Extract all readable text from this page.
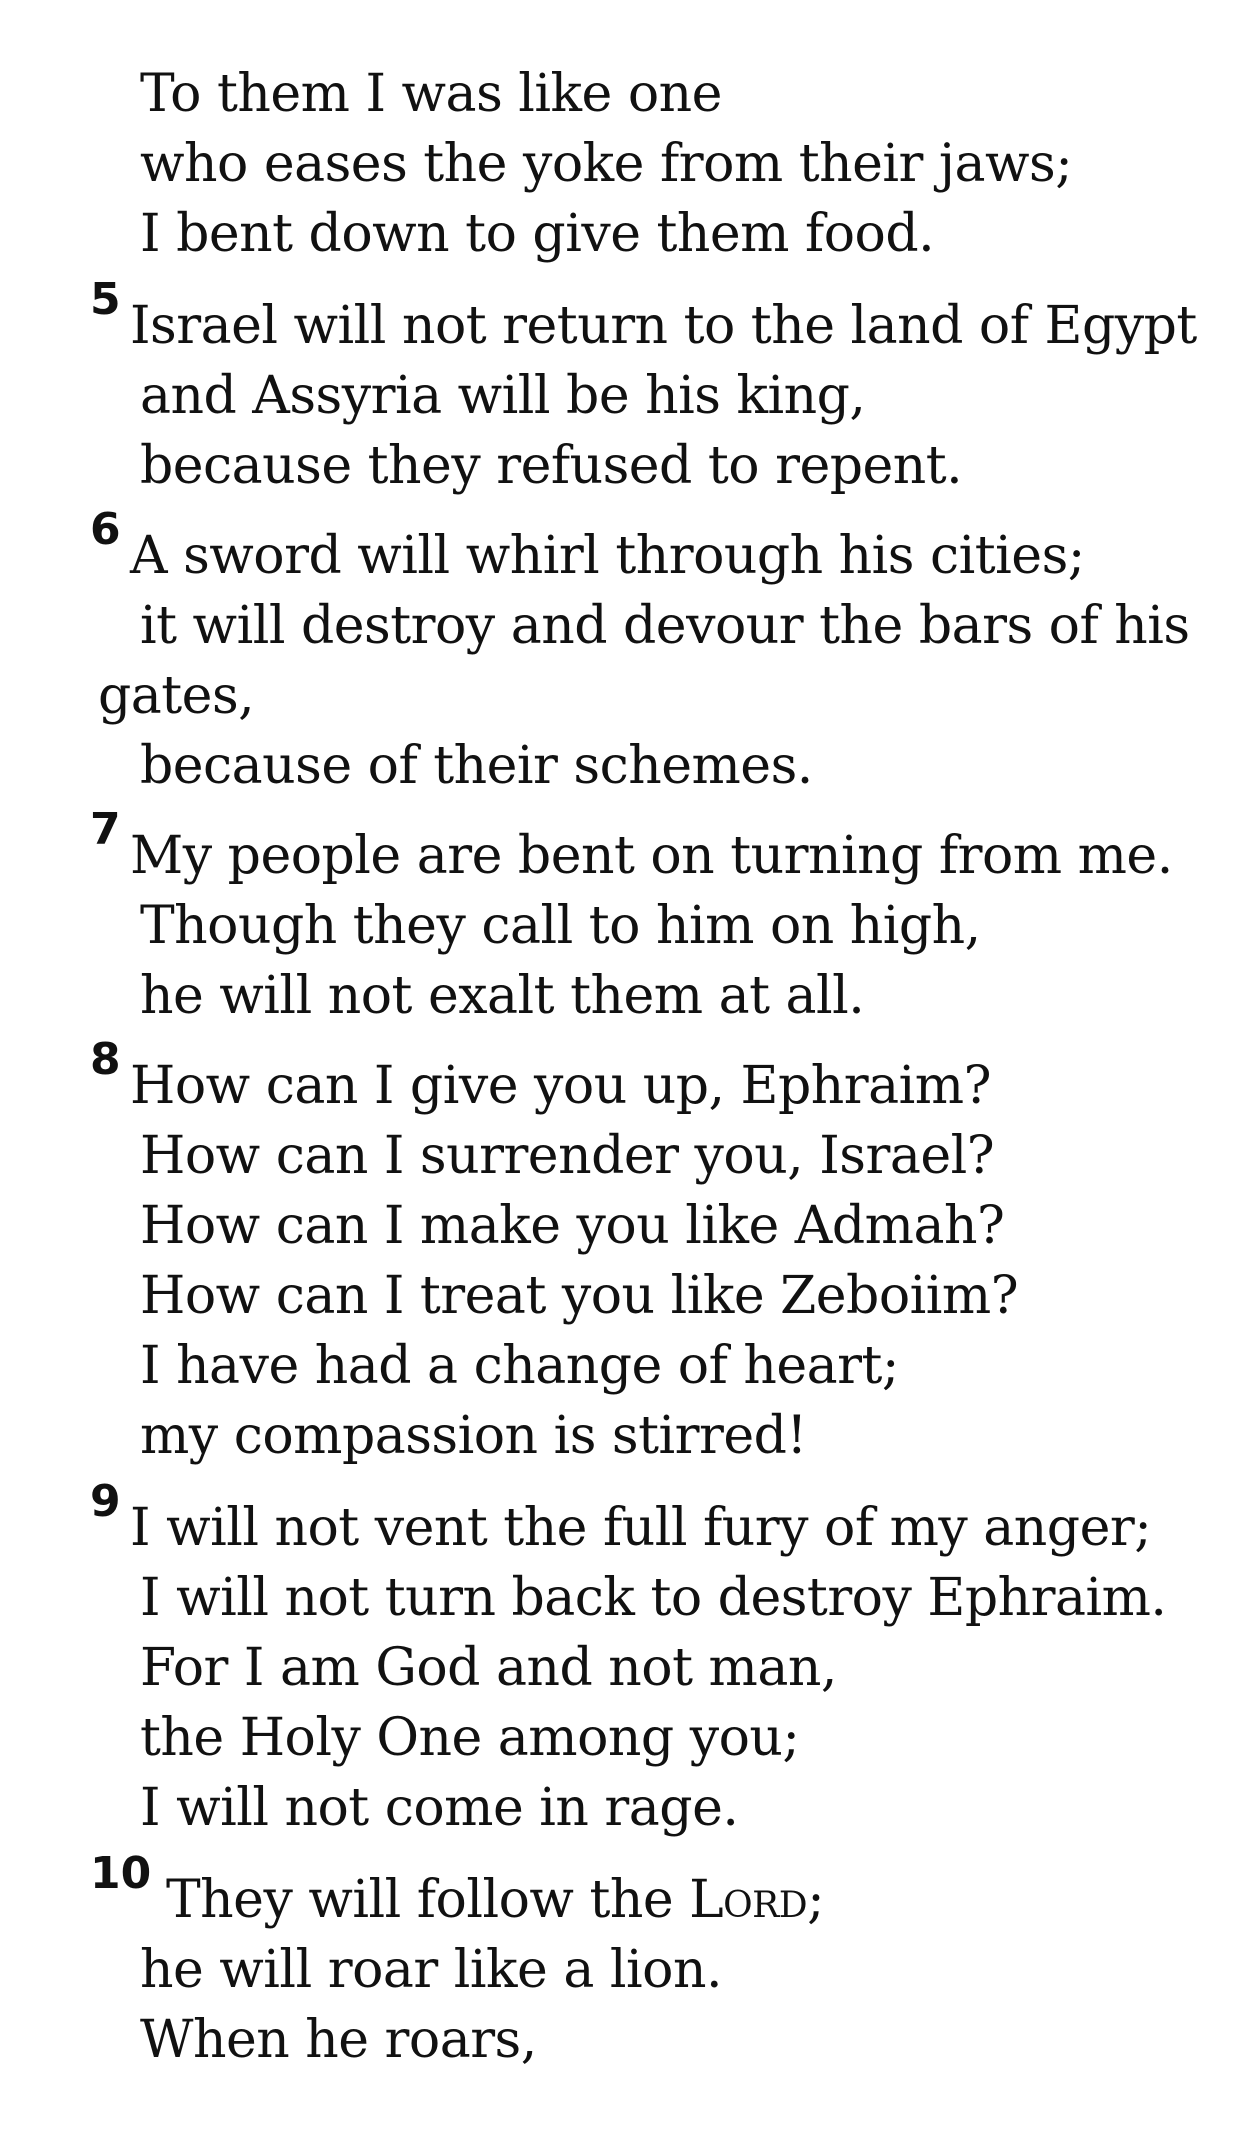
To them I was like one
who eases the yoke from their jaws;
I bent down to give them food.
5 Israel will not return to the land of Egypt
and Assyria will be his king,
because they refused to repent.
6 A sword will whirl through his cities;
it will destroy and devour the bars of his
gates,
because of their schemes.
7 My people are bent on turning from me.
Though they call to him on high,
he will not exalt them at all.
8 How can I give you up, Ephraim?
How can I surrender you, Israel?
How can I make you like Admah?
How can I treat you like Zeboiim?
I have had a change of heart;
my compassion is stirred!
9 I will not vent the full fury of my anger;
I will not turn back to destroy Ephraim.
For I am God and not man,
the Holy One among you;
I will not come in rage.
10 They will follow the Lord;
he will roar like a lion.
When he roars,
